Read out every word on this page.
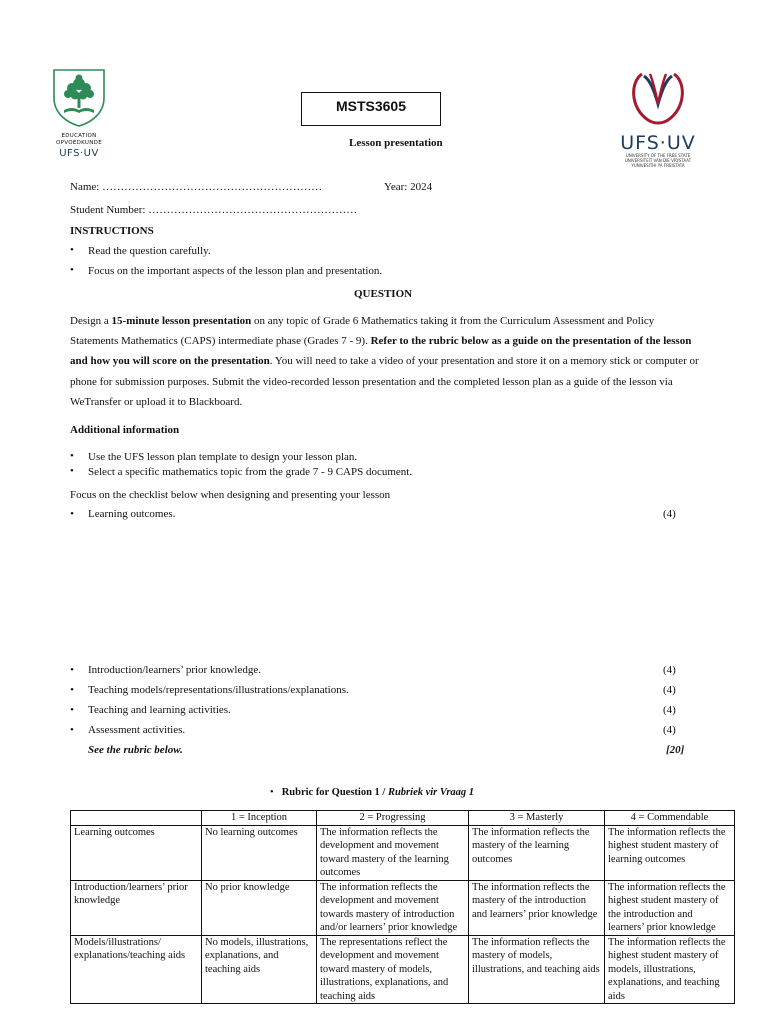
EDUCATION
OPVOEDKUNDE
UFS·UV	UFS·UV
UNIVERSITY OF THE FREE STATE
UNIVERSITEIT VAN DIE VRYSTAAT
YUNIVESITHI YA FREISTATA
MSTS3605
Lesson presentation
Name: ……………………………………………………	Year: 2024
Student Number: …………………………………………………
INSTRUCTIONS
• Read the question carefully.
• Focus on the important aspects of the lesson plan and presentation.
QUESTION
Design a 15-minute lesson presentation on any topic of Grade 6 Mathematics taking it from the Curriculum Assessment and Policy Statements Mathematics (CAPS) intermediate phase (Grades 7 - 9). Refer to the rubric below as a guide on the presentation of the lesson and how you will score on the presentation. You will need to take a video of your presentation and store it on a memory stick or computer or phone for submission purposes. Submit the video-recorded lesson presentation and the completed lesson plan as a guide of the lesson via WeTransfer or upload it to Blackboard.
Additional information
• Use the UFS lesson plan template to design your lesson plan.
• Select a specific mathematics topic from the grade 7 - 9 CAPS document.
Focus on the checklist below when designing and presenting your lesson
• Learning outcomes.	(4)
• Introduction/learners’ prior knowledge.	(4)
• Teaching models/representations/illustrations/explanations.	(4)
• Teaching and learning activities.	(4)
• Assessment activities.	(4)
See the rubric below.	[20]
• Rubric for Question 1 / Rubriek vir Vraag 1
	1 = Inception	2 = Progressing	3 = Masterly	4 = Commendable
Learning outcomes	No learning outcomes	The information reflects the development and movement toward mastery of the learning outcomes	The information reflects the mastery of the learning outcomes	The information reflects the highest student mastery of learning outcomes
Introduction/learners’ prior knowledge	No prior knowledge	The information reflects the development and movement towards mastery of introduction and/or learners’ prior knowledge	The information reflects the mastery of the introduction and learners’ prior knowledge	The information reflects the highest student mastery of the introduction and learners’ prior knowledge
Models/illustrations/ explanations/teaching aids	No models, illustrations, explanations, and teaching aids	The representations reflect the development and movement toward mastery of models, illustrations, explanations, and teaching aids	The information reflects the mastery of models, illustrations, and teaching aids	The information reflects the highest student mastery of models, illustrations, explanations, and teaching aids
